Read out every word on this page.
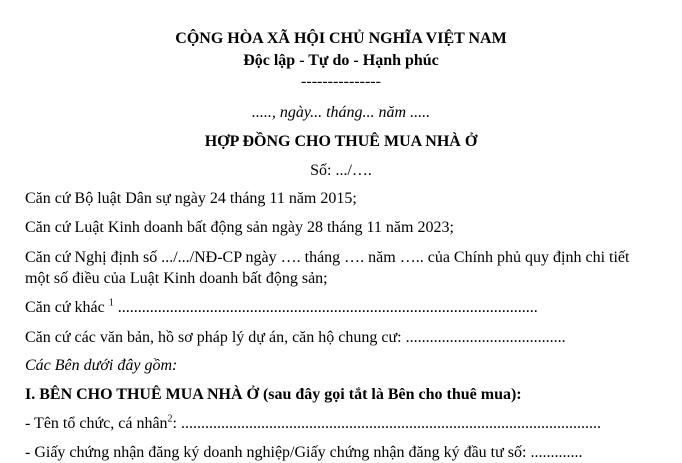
CỘNG HÒA XÃ HỘI CHỦ NGHĨA VIỆT NAM
Độc lập - Tự do - Hạnh phúc
---------------
....., ngày... tháng... năm .....
HỢP ĐỒNG CHO THUÊ MUA NHÀ Ở
Số: .../….
Căn cứ Bộ luật Dân sự ngày 24 tháng 11 năm 2015;
Căn cứ Luật Kinh doanh bất động sản ngày 28 tháng 11 năm 2023;
Căn cứ Nghị định số .../.../NĐ-CP ngày …. tháng …. năm ….. của Chính phủ quy định chi tiết
một số điều của Luật Kinh doanh bất động sản;
Căn cứ khác $^1$ .........................................................................................................
Căn cứ các văn bản, hồ sơ pháp lý dự án, căn hộ chung cư: ........................................
Các Bên dưới đây gồm:
I. BÊN CHO THUÊ MUA NHÀ Ở (sau đây gọi tắt là Bên cho thuê mua):
- Tên tổ chức, cá nhân$^2$: .........................................................................................................
- Giấy chứng nhận đăng ký doanh nghiệp/Giấy chứng nhận đăng ký đầu tư số: .............
